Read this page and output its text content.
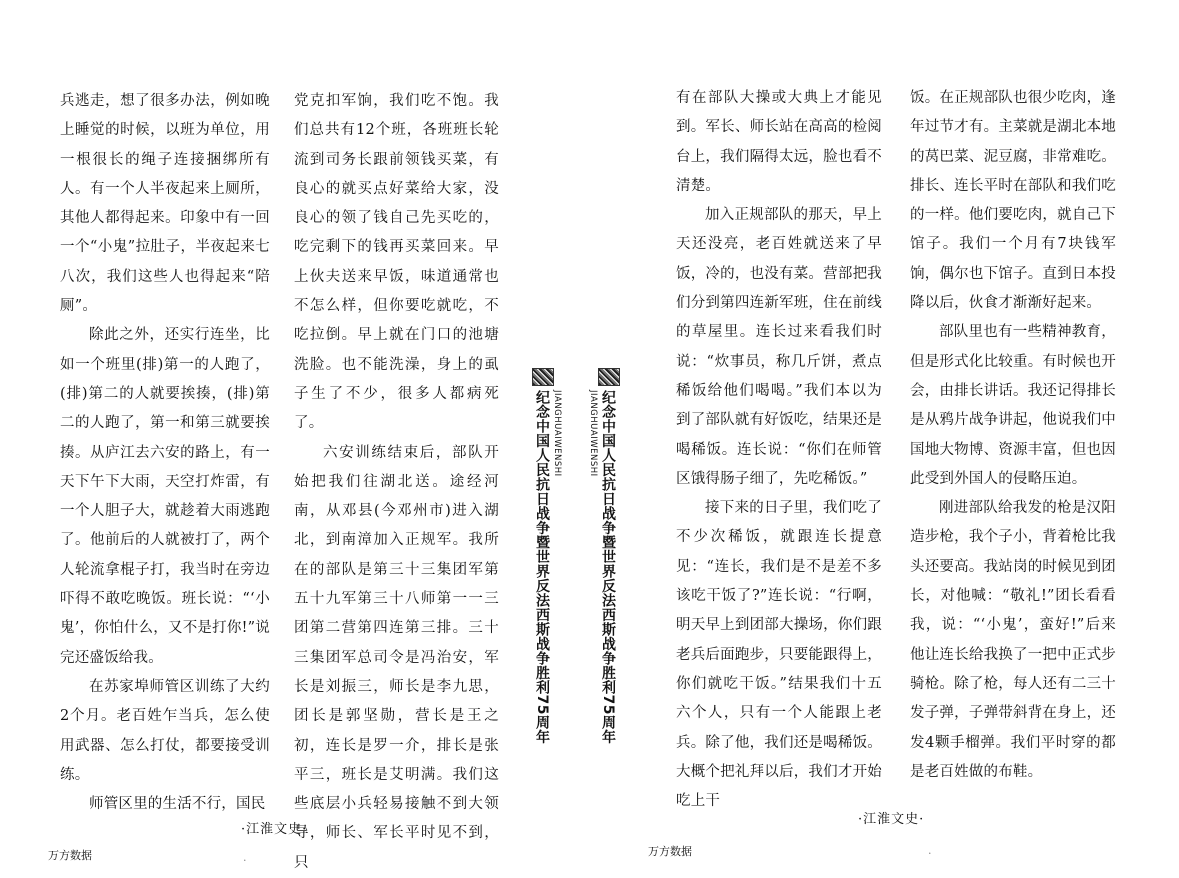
兵逃走，想了很多办法，例如晚上睡觉的时候，以班为单位，用一根很长的绳子连接捆绑所有人。有一个人半夜起来上厕所，其他人都得起来。印象中有一回一个“小鬼”拉肚子，半夜起来七八次，我们这些人也得起来“陪厕”。

除此之外，还实行连坐，比如一个班里(排)第一的人跑了，(排)第二的人就要挨揍，(排)第二的人跑了，第一和第三就要挨揍。从庐江去六安的路上，有一天下午下大雨，天空打炸雷，有一个人胆子大，就趁着大雨逃跑了。他前后的人就被打了，两个人轮流拿棍子打，我当时在旁边吓得不敢吃晚饭。班长说：“‘小鬼’，你怕什么，又不是打你!”说完还盛饭给我。

在苏家埠师管区训练了大约2个月。老百姓乍当兵，怎么使用武器、怎么打仗，都要接受训练。

师管区里的生活不行，国民

党克扣军饷，我们吃不饱。我们总共有12个班，各班班长轮流到司务长跟前领钱买菜，有良心的就买点好菜给大家，没良心的领了钱自己先买吃的，吃完剩下的钱再买菜回来。早上伙夫送来早饭，味道通常也不怎么样，但你要吃就吃，不吃拉倒。早上就在门口的池塘洗脸。也不能洗澡，身上的虱子生了不少，很多人都病死了。

六安训练结束后，部队开始把我们往湖北送。途经河南，从邓县(今邓州市)进入湖北，到南漳加入正规军。我所在的部队是第三十三集团军第五十九军第三十八师第一一三团第二营第四连第三排。三十三集团军总司令是冯治安，军长是刘振三，师长是李九思，团长是郭坚勋，营长是王之初，连长是罗一介，排长是张平三，班长是艾明满。我们这些底层小兵轻易接触不到大领导，师长、军长平时见不到，只

纪念中国人民抗日战争暨世界反法西斯战争胜利75周年 JIANGHUAIWENSHI
·江淮文史·
万方数据	.
纪念中国人民抗日战争暨世界反法西斯战争胜利75周年
JIANGHUAIWENSHI

有在部队大操或大典上才能见到。军长、师长站在高高的检阅台上，我们隔得太远，脸也看不清楚。

加入正规部队的那天，早上天还没亮，老百姓就送来了早饭，冷的，也没有菜。营部把我们分到第四连新军班，住在前线的草屋里。连长过来看我们时说：“炊事员，称几斤饼，煮点稀饭给他们喝喝。”我们本以为到了部队就有好饭吃，结果还是喝稀饭。连长说：“你们在师管区饿得肠子细了，先吃稀饭。”

接下来的日子里，我们吃了不少次稀饭，就跟连长提意见：“连长，我们是不是差不多该吃干饭了?”连长说：“行啊，明天早上到团部大操场，你们跟老兵后面跑步，只要能跟得上，你们就吃干饭。”结果我们十五六个人，只有一个人能跟上老兵。除了他，我们还是喝稀饭。大概个把礼拜以后，我们才开始吃上干

饭。在正规部队也很少吃肉，逢年过节才有。主菜就是湖北本地的莴巴菜、泥豆腐，非常难吃。排长、连长平时在部队和我们吃的一样。他们要吃肉，就自己下馆子。我们一个月有7块钱军饷，偶尔也下馆子。直到日本投降以后，伙食才渐渐好起来。

部队里也有一些精神教育，但是形式化比较重。有时候也开会，由排长讲话。我还记得排长是从鸦片战争讲起，他说我们中国地大物博、资源丰富，但也因此受到外国人的侵略压迫。

刚进部队给我发的枪是汉阳造步枪，我个子小，背着枪比我头还要高。我站岗的时候见到团长，对他喊：“敬礼!”团长看看我，说：“‘小鬼’，蛮好!”后来他让连长给我换了一把中正式步骑枪。除了枪，每人还有二三十发子弹，子弹带斜背在身上，还发4颗手榴弹。我们平时穿的都是老百姓做的布鞋。

·江淮文史·
万方数据	.
